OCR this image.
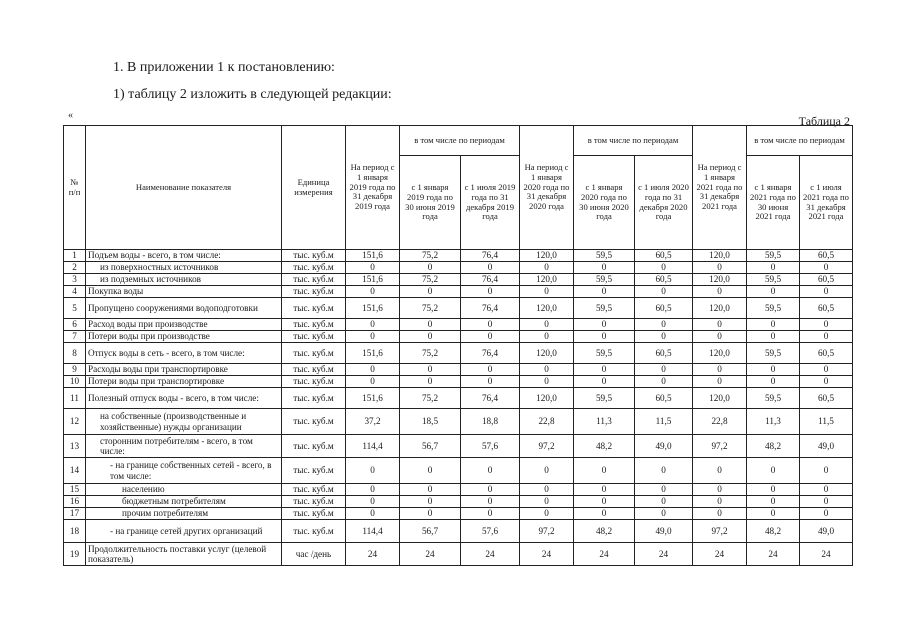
1. В приложении 1 к постановлению:
1) таблицу 2 изложить в следующей редакции:
«	Таблица 2
№ п/п	Наименование показателя	Единица измерения	На период с 1 января 2019 года по 31 декабря 2019 года	в том числе по периодам		На период с 1 января 2020 года по 31 декабря 2020 года	в том числе по периодам		На период с 1 января 2021 года по 31 декабря 2021 года	в том числе по периодам	
				с 1 января 2019 года по 30 июня 2019 года	с 1 июля 2019 года по 31 декабря 2019 года		с 1 января 2020 года по 30 июня 2020 года	с 1 июля 2020 года по 31 декабря 2020 года		с 1 января 2021 года по 30 июня 2021 года	с 1 июля 2021 года по 31 декабря 2021 года
1	Подъем воды - всего, в том числе:	тыс. куб.м	151,6	75,2	76,4	120,0	59,5	60,5	120,0	59,5	60,5
2	из поверхностных источников	тыс. куб.м	0	0	0	0	0	0	0	0	0
3	из подземных источников	тыс. куб.м	151,6	75,2	76,4	120,0	59,5	60,5	120,0	59,5	60,5
4	Покупка воды	тыс. куб.м	0	0	0	0	0	0	0	0	0
5	Пропущено сооружениями водоподготовки	тыс. куб.м	151,6	75,2	76,4	120,0	59,5	60,5	120,0	59,5	60,5
6	Расход воды при производстве	тыс. куб.м	0	0	0	0	0	0	0	0	0
7	Потери воды при производстве	тыс. куб.м	0	0	0	0	0	0	0	0	0
8	Отпуск воды в сеть - всего, в том числе:	тыс. куб.м	151,6	75,2	76,4	120,0	59,5	60,5	120,0	59,5	60,5
9	Расходы воды при транспортировке	тыс. куб.м	0	0	0	0	0	0	0	0	0
10	Потери воды при транспортировке	тыс. куб.м	0	0	0	0	0	0	0	0	0
11	Полезный отпуск воды - всего, в том числе:	тыс. куб.м	151,6	75,2	76,4	120,0	59,5	60,5	120,0	59,5	60,5
12	на собственные (производственные и хозяйственные) нужды организации	тыс. куб.м	37,2	18,5	18,8	22,8	11,3	11,5	22,8	11,3	11,5
13	сторонним потребителям - всего, в том числе:	тыс. куб.м	114,4	56,7	57,6	97,2	48,2	49,0	97,2	48,2	49,0
14	- на границе собственных сетей - всего, в том числе:	тыс. куб.м	0	0	0	0	0	0	0	0	0
15	населению	тыс. куб.м	0	0	0	0	0	0	0	0	0
16	бюджетным потребителям	тыс. куб.м	0	0	0	0	0	0	0	0	0
17	прочим потребителям	тыс. куб.м	0	0	0	0	0	0	0	0	0
18	- на границе сетей других организаций	тыс. куб.м	114,4	56,7	57,6	97,2	48,2	49,0	97,2	48,2	49,0
19	Продолжительность поставки услуг (целевой показатель)	час /день	24	24	24	24	24	24	24	24	24
